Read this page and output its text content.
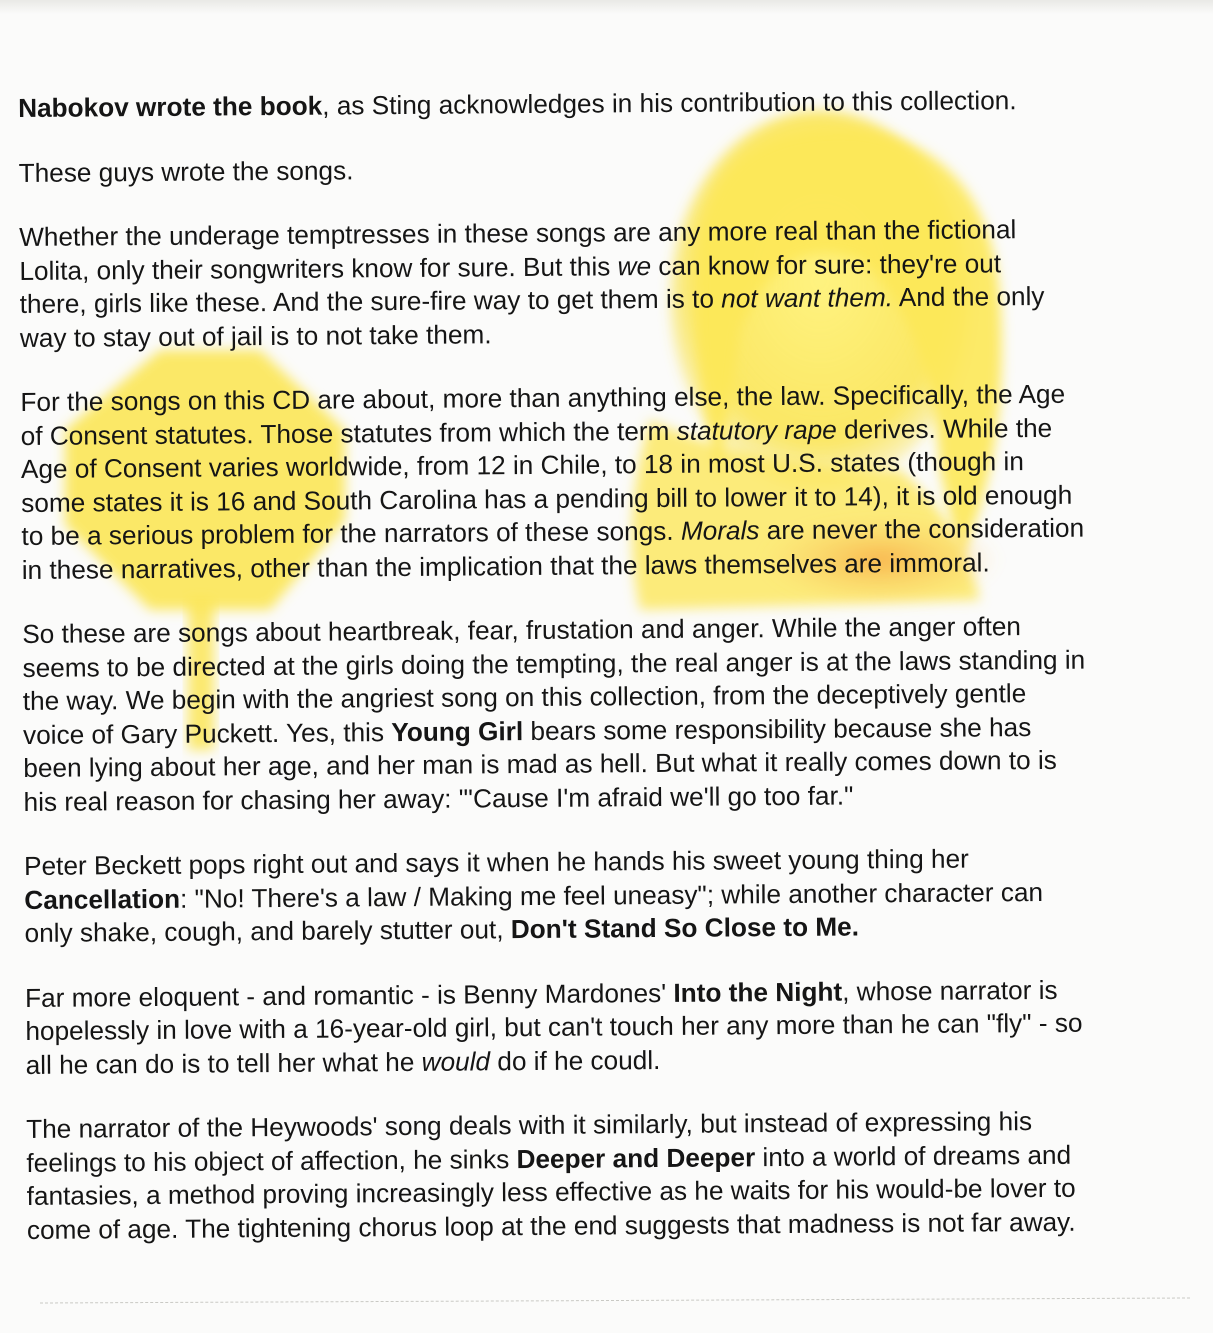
Nabokov wrote the book, as Sting acknowledges in his contribution to this collection.
These guys wrote the songs.
Whether the underage temptresses in these songs are any more real than the fictional
Lolita, only their songwriters know for sure. But this we can know for sure: they're out
there, girls like these. And the sure-fire way to get them is to not want them. And the only
way to stay out of jail is to not take them.
For the songs on this CD are about, more than anything else, the law. Specifically, the Age
of Consent statutes. Those statutes from which the term statutory rape derives. While the
Age of Consent varies worldwide, from 12 in Chile, to 18 in most U.S. states (though in
some states it is 16 and South Carolina has a pending bill to lower it to 14), it is old enough
to be a serious problem for the narrators of these songs. Morals are never the consideration
in these narratives, other than the implication that the laws themselves are immoral.
So these are songs about heartbreak, fear, frustation and anger. While the anger often
seems to be directed at the girls doing the tempting, the real anger is at the laws standing in
the way. We begin with the angriest song on this collection, from the deceptively gentle
voice of Gary Puckett. Yes, this Young Girl bears some responsibility because she has
been lying about her age, and her man is mad as hell. But what it really comes down to is
his real reason for chasing her away: "'Cause I'm afraid we'll go too far."
Peter Beckett pops right out and says it when he hands his sweet young thing her
Cancellation: "No! There's a law / Making me feel uneasy"; while another character can
only shake, cough, and barely stutter out, Don't Stand So Close to Me.
Far more eloquent - and romantic - is Benny Mardones' Into the Night, whose narrator is
hopelessly in love with a 16-year-old girl, but can't touch her any more than he can "fly" - so
all he can do is to tell her what he would do if he coudl.
The narrator of the Heywoods' song deals with it similarly, but instead of expressing his
feelings to his object of affection, he sinks Deeper and Deeper into a world of dreams and
fantasies, a method proving increasingly less effective as he waits for his would-be lover to
come of age. The tightening chorus loop at the end suggests that madness is not far away.
